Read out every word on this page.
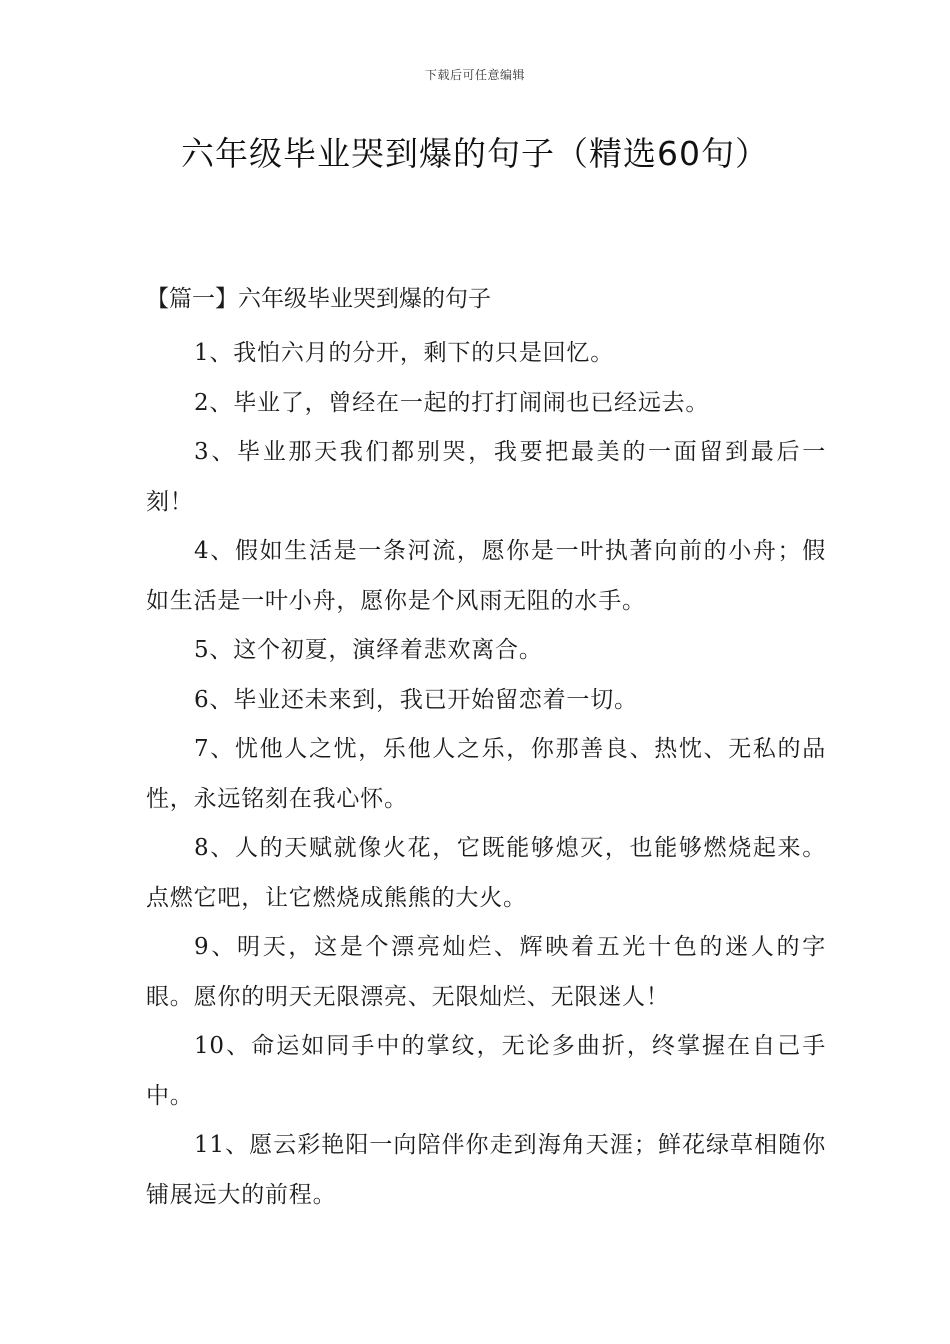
下载后可任意编辑
六年级毕业哭到爆的句子（精选60句）
【篇一】六年级毕业哭到爆的句子

1、我怕六月的分开，剩下的只是回忆。

2、毕业了，曾经在一起的打打闹闹也已经远去。

3、毕业那天我们都别哭，我要把最美的一面留到最后一刻！

4、假如生活是一条河流，愿你是一叶执著向前的小舟；假如生活是一叶小舟，愿你是个风雨无阻的水手。

5、这个初夏，演绎着悲欢离合。

6、毕业还未来到，我已开始留恋着一切。

7、忧他人之忧，乐他人之乐，你那善良、热忱、无私的品性，永远铭刻在我心怀。

8、人的天赋就像火花，它既能够熄灭，也能够燃烧起来。点燃它吧，让它燃烧成熊熊的大火。

9、明天，这是个漂亮灿烂、辉映着五光十色的迷人的字眼。愿你的明天无限漂亮、无限灿烂、无限迷人！

10、命运如同手中的掌纹，无论多曲折，终掌握在自己手中。

11、愿云彩艳阳一向陪伴你走到海角天涯；鲜花绿草相随你铺展远大的前程。
